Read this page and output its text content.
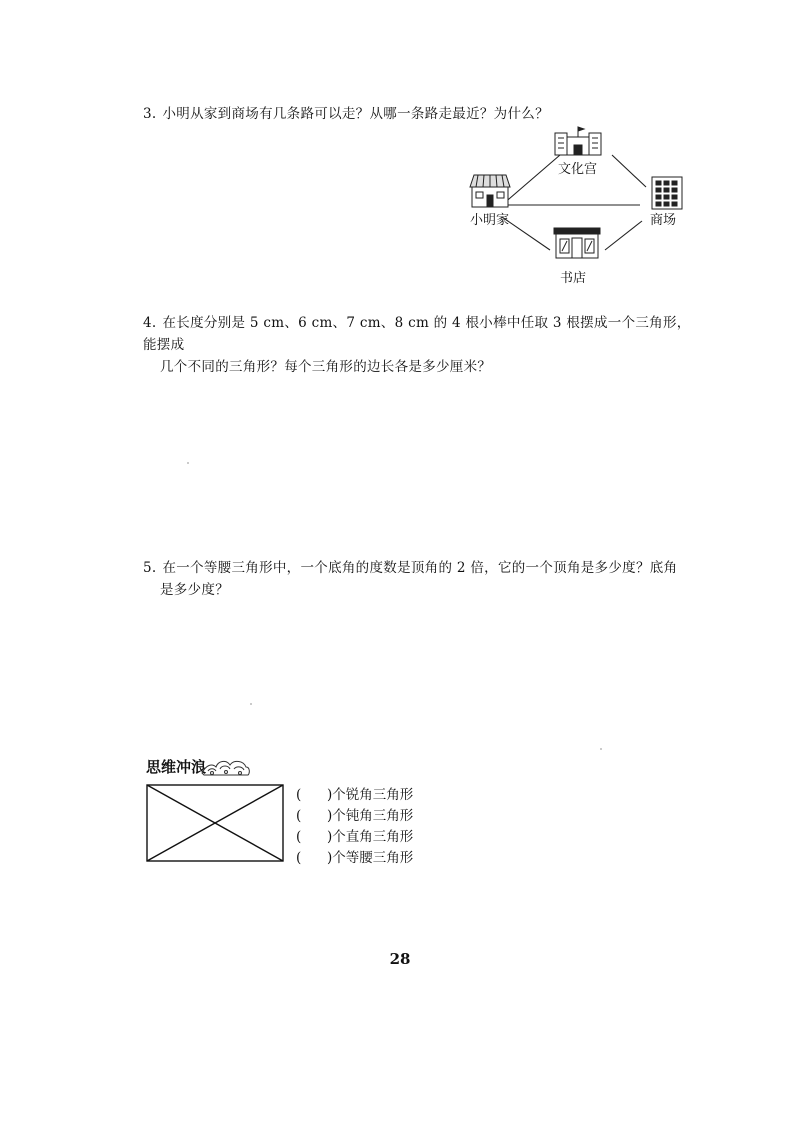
3. 小明从家到商场有几条路可以走？从哪一条路走最近？为什么？
文化宫
小明家	商场
书店
4. 在长度分别是 5 cm、6 cm、7 cm、8 cm 的 4 根小棒中任取 3 根摆成一个三角形，能摆成
几个不同的三角形？每个三角形的边长各是多少厘米？
5. 在一个等腰三角形中，一个底角的度数是顶角的 2 倍，它的一个顶角是多少度？底角
是多少度？
思维冲浪
(      )个锐角三角形
(      )个钝角三角形
(      )个直角三角形
(      )个等腰三角形
28
